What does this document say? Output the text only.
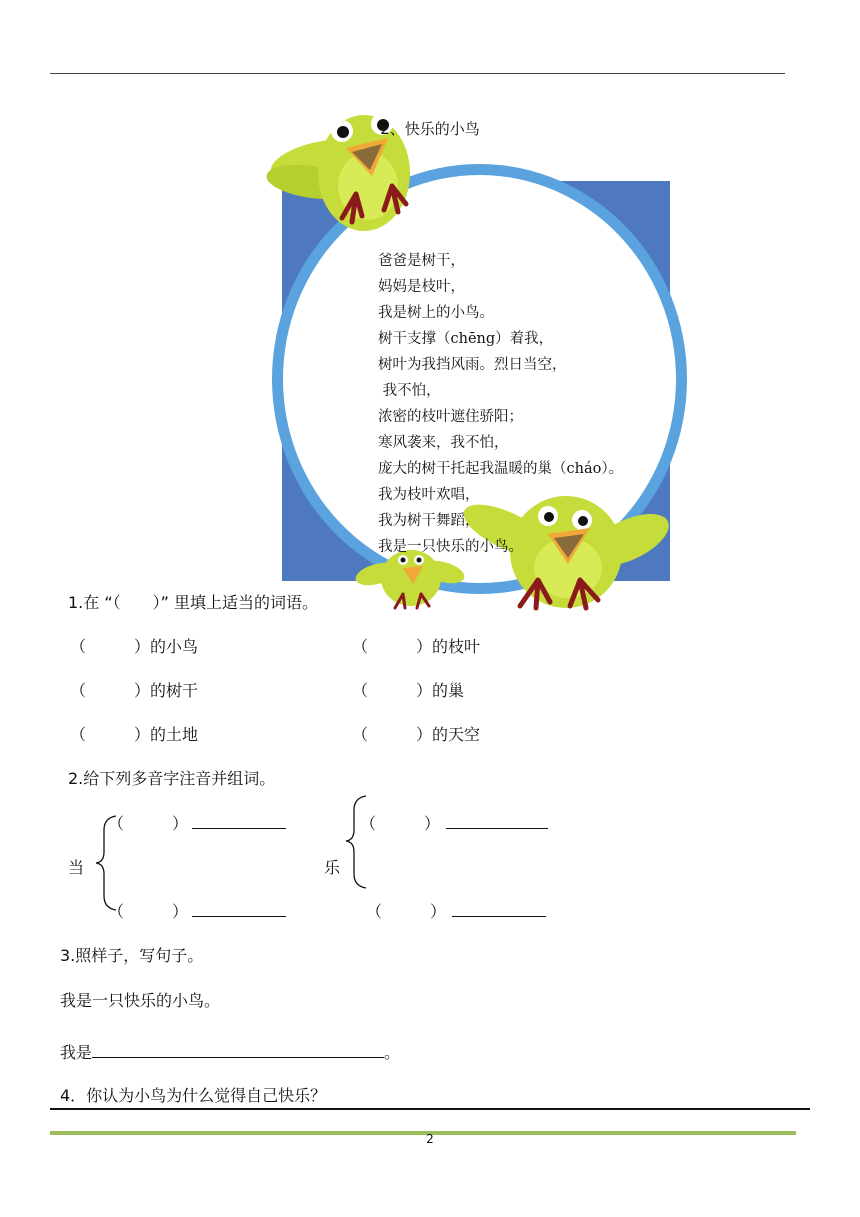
2、快乐的小鸟
爸爸是树干，
妈妈是枝叶，
我是树上的小鸟。
树干支撑（chēng）着我，
树叶为我挡风雨。烈日当空，
我不怕，
浓密的枝叶遮住骄阳；
寒风袭来，我不怕，
庞大的树干托起我温暖的巢（cháo）。
我为枝叶欢唱，
我为树干舞蹈，
我是一只快乐的小鸟。
1.在 “（　　）” 里填上适当的词语。
（　　　）的小鸟	（　　　）的枝叶
（　　　）的树干	（　　　）的巢
（　　　）的土地	（　　　）的天空
2.给下列多音字注音并组词。
当
（　　　）
（　　　）
乐
（　　　）
（　　　）
3.照样子，写句子。
我是一只快乐的小鸟。
我是	。
4．你认为小鸟为什么觉得自己快乐？
2
